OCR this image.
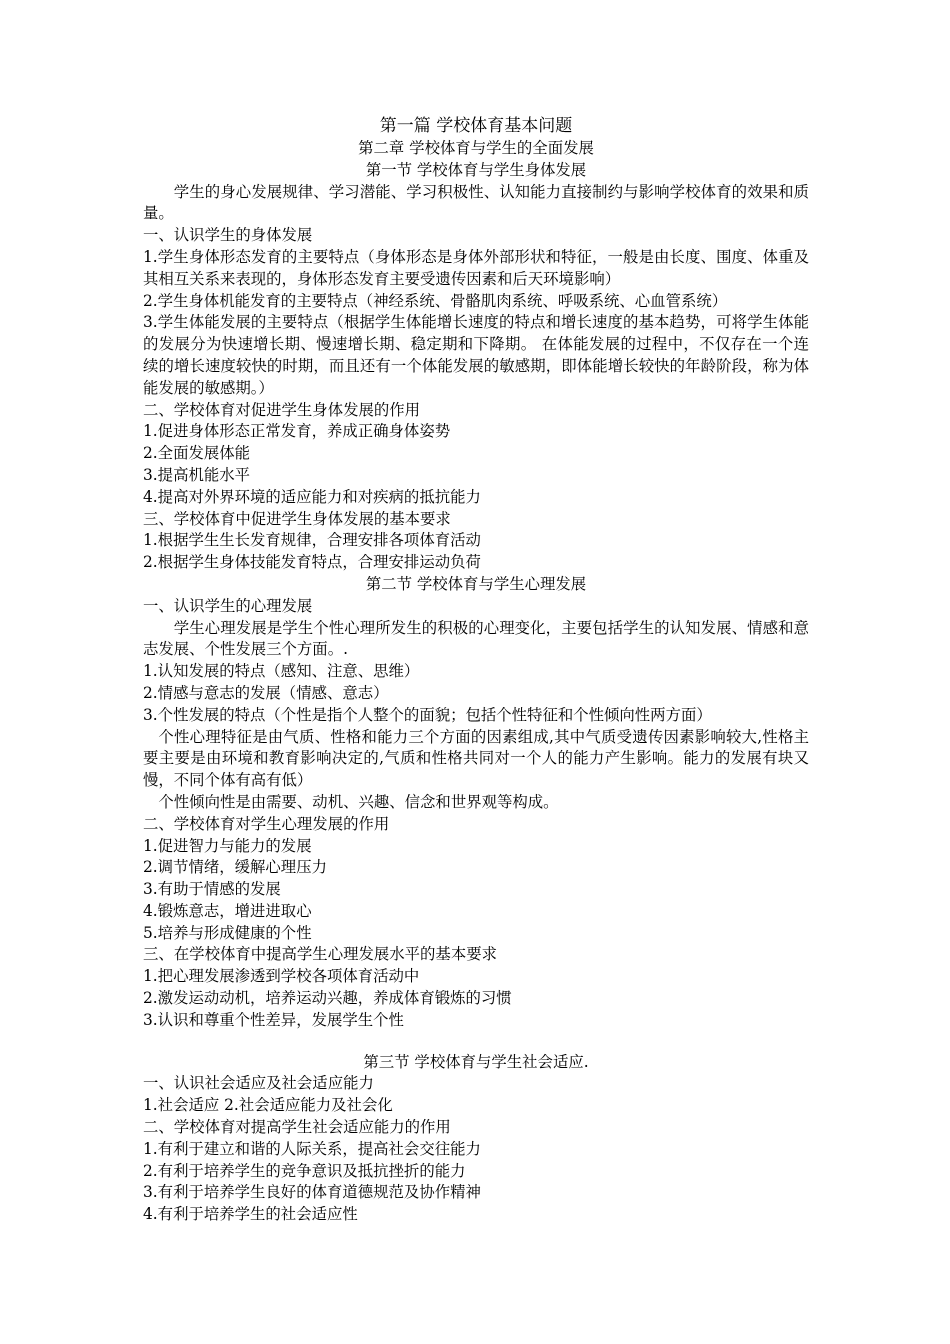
第一篇 学校体育基本问题
第二章 学校体育与学生的全面发展
第一节 学校体育与学生身体发展
学生的身心发展规律、学习潜能、学习积极性、认知能力直接制约与影响学校体育的效果和质量。
一、认识学生的身体发展
1.学生身体形态发育的主要特点（身体形态是身体外部形状和特征，一般是由长度、围度、体重及其相互关系来表现的，身体形态发育主要受遗传因素和后天环境影响）
2.学生身体机能发育的主要特点（神经系统、骨骼肌肉系统、呼吸系统、心血管系统）
3.学生体能发展的主要特点（根据学生体能增长速度的特点和增长速度的基本趋势，可将学生体能的发展分为快速增长期、慢速增长期、稳定期和下降期。 在体能发展的过程中，不仅存在一个连续的增长速度较快的时期，而且还有一个体能发展的敏感期，即体能增长较快的年龄阶段，称为体能发展的敏感期。）
二、学校体育对促进学生身体发展的作用
1.促进身体形态正常发育，养成正确身体姿势
2.全面发展体能
3.提高机能水平
4.提高对外界环境的适应能力和对疾病的抵抗能力
三、学校体育中促进学生身体发展的基本要求
1.根据学生生长发育规律，合理安排各项体育活动
2.根据学生身体技能发育特点，合理安排运动负荷
第二节 学校体育与学生心理发展
一、认识学生的心理发展
学生心理发展是学生个性心理所发生的积极的心理变化，主要包括学生的认知发展、情感和意志发展、个性发展三个方面。.
1.认知发展的特点（感知、注意、思维）
2.情感与意志的发展（情感、意志）
3.个性发展的特点（个性是指个人整个的面貌；包括个性特征和个性倾向性两方面）
个性心理特征是由气质、性格和能力三个方面的因素组成,其中气质受遗传因素影响较大,性格主要主要是由环境和教育影响决定的,气质和性格共同对一个人的能力产生影响。能力的发展有块又慢，不同个体有高有低）
个性倾向性是由需要、动机、兴趣、信念和世界观等构成。
二、学校体育对学生心理发展的作用
1.促进智力与能力的发展
2.调节情绪，缓解心理压力
3.有助于情感的发展
4.锻炼意志，增进进取心
5.培养与形成健康的个性
三、在学校体育中提高学生心理发展水平的基本要求
1.把心理发展渗透到学校各项体育活动中
2.激发运动动机，培养运动兴趣，养成体育锻炼的习惯
3.认识和尊重个性差异，发展学生个性
第三节 学校体育与学生社会适应.
一、认识社会适应及社会适应能力
1.社会适应 2.社会适应能力及社会化
二、学校体育对提高学生社会适应能力的作用
1.有利于建立和谐的人际关系，提高社会交往能力
2.有利于培养学生的竞争意识及抵抗挫折的能力
3.有利于培养学生良好的体育道德规范及协作精神
4.有利于培养学生的社会适应性
